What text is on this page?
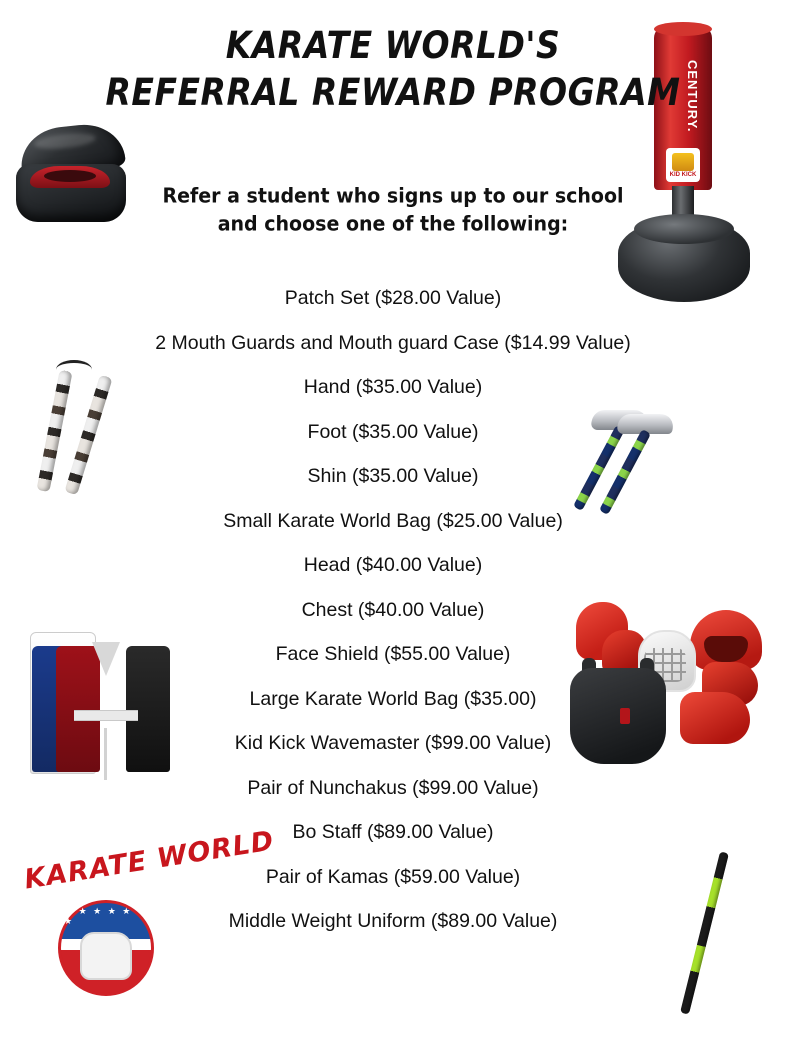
CENTURY.
KID KICK
KARATE WORLD
★ ★ ★ ★ ★ ★
KARATE WORLD'S
REFERRAL REWARD PROGRAM
Refer a student who signs up to our school
and choose one of the following:
Patch Set ($28.00 Value)
2 Mouth Guards and Mouth guard Case ($14.99 Value)
Hand ($35.00 Value)
Foot ($35.00 Value)
Shin ($35.00 Value)
Small Karate World Bag ($25.00 Value)
Head ($40.00 Value)
Chest ($40.00 Value)
Face Shield ($55.00 Value)
Large Karate World Bag ($35.00)
Kid Kick Wavemaster ($99.00 Value)
Pair of Nunchakus ($99.00 Value)
Bo Staff ($89.00 Value)
Pair of Kamas ($59.00 Value)
Middle Weight Uniform ($89.00 Value)
